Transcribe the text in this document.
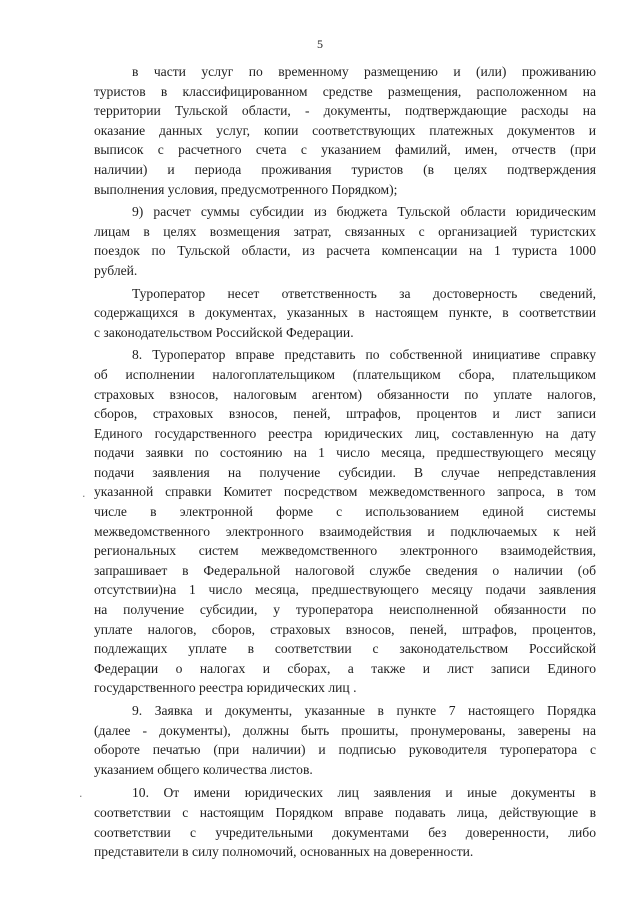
5
в части услуг по временному размещению и (или) проживанию
туристов в классифицированном средстве размещения, расположенном на
территории Тульской области, - документы, подтверждающие расходы на
оказание данных услуг, копии соответствующих платежных документов и
выписок с расчетного счета с указанием фамилий, имен, отчеств (при
наличии) и периода проживания туристов (в целях подтверждения
выполнения условия, предусмотренного Порядком);
9) расчет суммы субсидии из бюджета Тульской области юридическим
лицам в целях возмещения затрат, связанных с организацией туристских
поездок по Тульской области, из расчета компенсации на 1 туриста 1000
рублей.
Туроператор несет ответственность за достоверность сведений,
содержащихся в документах, указанных в настоящем пункте, в соответствии
с законодательством Российской Федерации.
8. Туроператор вправе представить по собственной инициативе справку
об исполнении налогоплательщиком (плательщиком сбора, плательщиком
страховых взносов, налоговым агентом) обязанности по уплате налогов,
сборов, страховых взносов, пеней, штрафов, процентов и лист записи
Единого государственного реестра юридических лиц, составленную на дату
подачи заявки по состоянию на 1 число месяца, предшествующего месяцу
подачи заявления на получение субсидии. В случае непредставления
указанной справки Комитет посредством межведомственного запроса, в том
числе в электронной форме с использованием единой системы
межведомственного электронного взаимодействия и подключаемых к ней
региональных систем межведомственного электронного взаимодействия,
запрашивает в Федеральной налоговой службе сведения о наличии (об
отсутствии)на 1 число месяца, предшествующего месяцу подачи заявления
на получение субсидии, у туроператора неисполненной обязанности по
уплате налогов, сборов, страховых взносов, пеней, штрафов, процентов,
подлежащих уплате в соответствии с законодательством Российской
Федерации о налогах и сборах, а также и лист записи Единого
государственного реестра юридических лиц .
9. Заявка и документы, указанные в пункте 7 настоящего Порядка
(далее - документы), должны быть прошиты, пронумерованы, заверены на
обороте печатью (при наличии) и подписью руководителя туроператора с
указанием общего количества листов.
10. От имени юридических лиц заявления и иные документы в
соответствии с настоящим Порядком вправе подавать лица, действующие в
соответствии с учредительными документами без доверенности, либо
представители в силу полномочий, основанных на доверенности.
·
·
